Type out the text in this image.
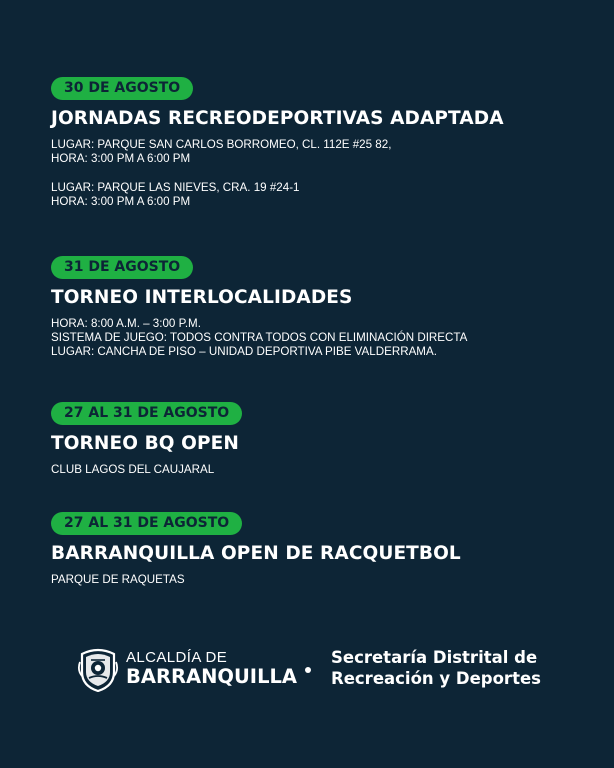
30 DE AGOSTO
JORNADAS RECREODEPORTIVAS ADAPTADA
LUGAR: PARQUE SAN CARLOS BORROMEO, CL. 112E #25 82,
HORA: 3:00 PM A 6:00 PM
LUGAR: PARQUE LAS NIEVES, CRA. 19 #24-1
HORA: 3:00 PM A 6:00 PM
31 DE AGOSTO
TORNEO INTERLOCALIDADES
HORA: 8:00 A.M. – 3:00 P.M.
SISTEMA DE JUEGO: TODOS CONTRA TODOS CON ELIMINACIÓN DIRECTA
LUGAR: CANCHA DE PISO – UNIDAD DEPORTIVA PIBE VALDERRAMA.
27 AL 31 DE AGOSTO
TORNEO BQ OPEN
CLUB LAGOS DEL CAUJARAL
27 AL 31 DE AGOSTO
BARRANQUILLA OPEN DE RACQUETBOL
PARQUE DE RAQUETAS
ALCALDÍA DE
BARRANQUILLA
Secretaría Distrital de
Recreación y Deportes
